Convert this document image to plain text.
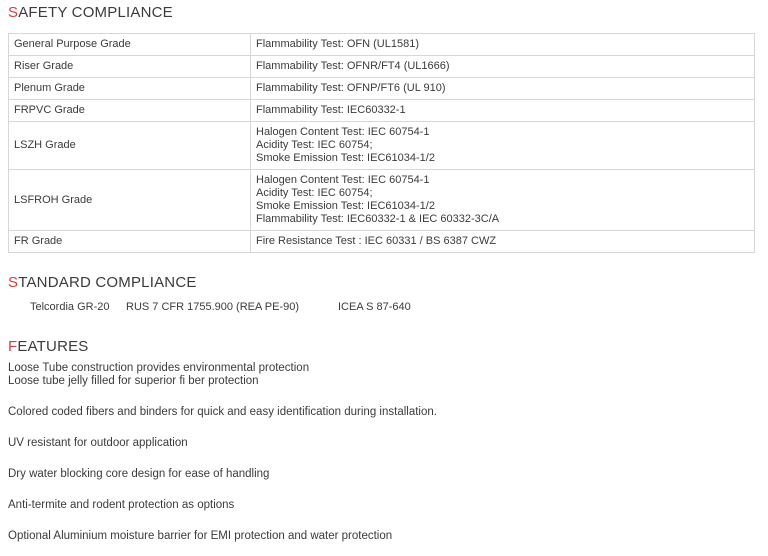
SAFETY COMPLIANCE
General Purpose Grade	Flammability Test: OFN (UL1581)

Riser Grade	Flammability Test: OFNR/FT4 (UL1666)

Plenum Grade	Flammability Test: OFNP/FT6 (UL 910)

FRPVC Grade	Flammability Test: IEC60332-1

LSZH Grade	Halogen Content Test: IEC 60754-1
Acidity Test: IEC 60754;
Smoke Emission Test: IEC61034-1/2

LSFROH Grade	Halogen Content Test: IEC 60754-1
Acidity Test: IEC 60754;
Smoke Emission Test: IEC61034-1/2
Flammability Test: IEC60332-1 & IEC 60332-3C/A

FR Grade	Fire Resistance Test : IEC 60331 / BS 6387 CWZ
STANDARD COMPLIANCE
Telcordia GR-20 RUS 7 CFR 1755.900 (REA PE-90)	ICEA S 87-640
FEATURES
Loose Tube construction provides environmental protection
Loose tube jelly filled for superior fi ber protection
Colored coded fibers and binders for quick and easy identification during installation.
UV resistant for outdoor application
Dry water blocking core design for ease of handling
Anti-termite and rodent protection as options
Optional Aluminium moisture barrier for EMI protection and water protection
